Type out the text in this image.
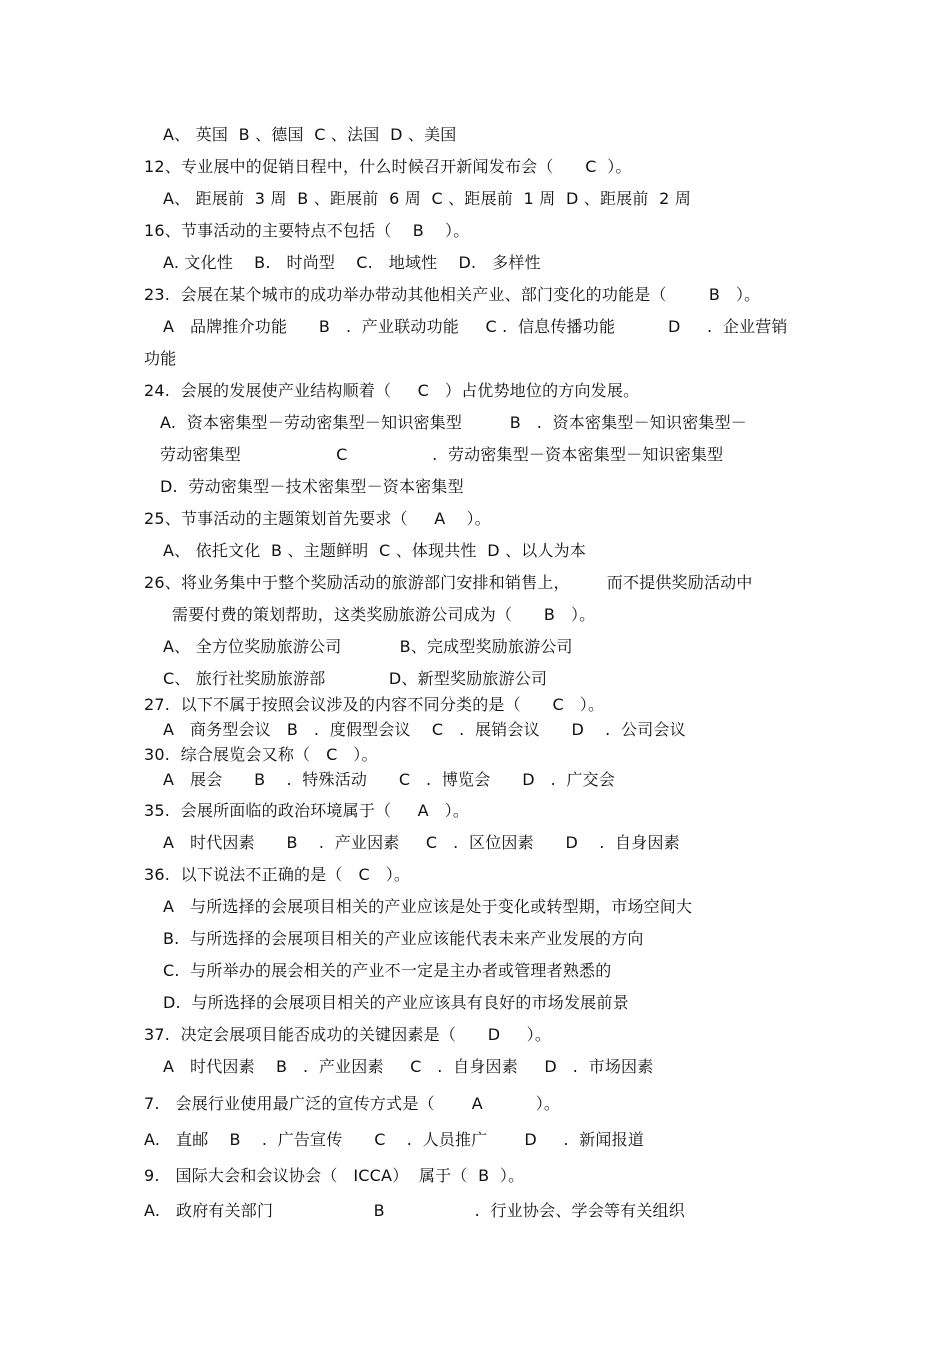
A、 英国  B 、德国  C 、法国  D 、美国
12、专业展中的促销日程中，什么时候召开新闻发布会（      C  ）。
A、 距展前  3 周  B 、距展前  6 周  C 、距展前  1 周  D 、距展前  2 周
16、节事活动的主要特点不包括（    B    ）。
A. 文化性    B.   时尚型    C.   地域性    D.   多样性
23.  会展在某个城市的成功举办带动其他相关产业、部门变化的功能是（        B   ）。
A   品牌推介功能      B   .  产业联动功能     C .  信息传播功能          D     .  企业营销
功能
24.  会展的发展使产业结构顺着（     C   ）占优势地位的方向发展。
A.  资本密集型－劳动密集型－知识密集型         B   .  资本密集型－知识密集型－
劳动密集型                  C                .  劳动密集型－资本密集型－知识密集型
D.  劳动密集型－技术密集型－资本密集型
25、节事活动的主题策划首先要求（     A    ）。
A、 依托文化  B 、主题鲜明  C 、体现共性  D 、以人为本
26、将业务集中于整个奖励活动的旅游部门安排和销售上，       而不提供奖励活动中
需要付费的策划帮助，这类奖励旅游公司成为（      B   ）。
A、 全方位奖励旅游公司           B、完成型奖励旅游公司
C、 旅行社奖励旅游部            D、新型奖励旅游公司
27.  以下不属于按照会议涉及的内容不同分类的是（      C   ）。
A   商务型会议   B   .  度假型会议    C   .  展销会议      D    .  公司会议
30.  综合展览会又称（   C   ）。
A   展会      B    .  特殊活动      C   .  博览会      D   .  广交会
35.  会展所面临的政治环境属于（     A   ）。
A   时代因素      B    .  产业因素     C   .  区位因素      D    .  自身因素
36.  以下说法不正确的是（   C   ）。
A   与所选择的会展项目相关的产业应该是处于变化或转型期，市场空间大
B.  与所选择的会展项目相关的产业应该能代表未来产业发展的方向
C.  与所举办的展会相关的产业不一定是主办者或管理者熟悉的
D.  与所选择的会展项目相关的产业应该具有良好的市场发展前景
37.  决定会展项目能否成功的关键因素是（      D     ）。
A   时代因素    B   .  产业因素     C   .  自身因素     D   .  市场因素
7.   会展行业使用最广泛的宣传方式是（       A          ）。
A.   直邮    B    .  广告宣传      C    .  人员推广       D     .  新闻报道
9.   国际大会和会议协会（   ICCA）  属于（  B  ）。
A.   政府有关部门                   B                 .  行业协会、学会等有关组织
